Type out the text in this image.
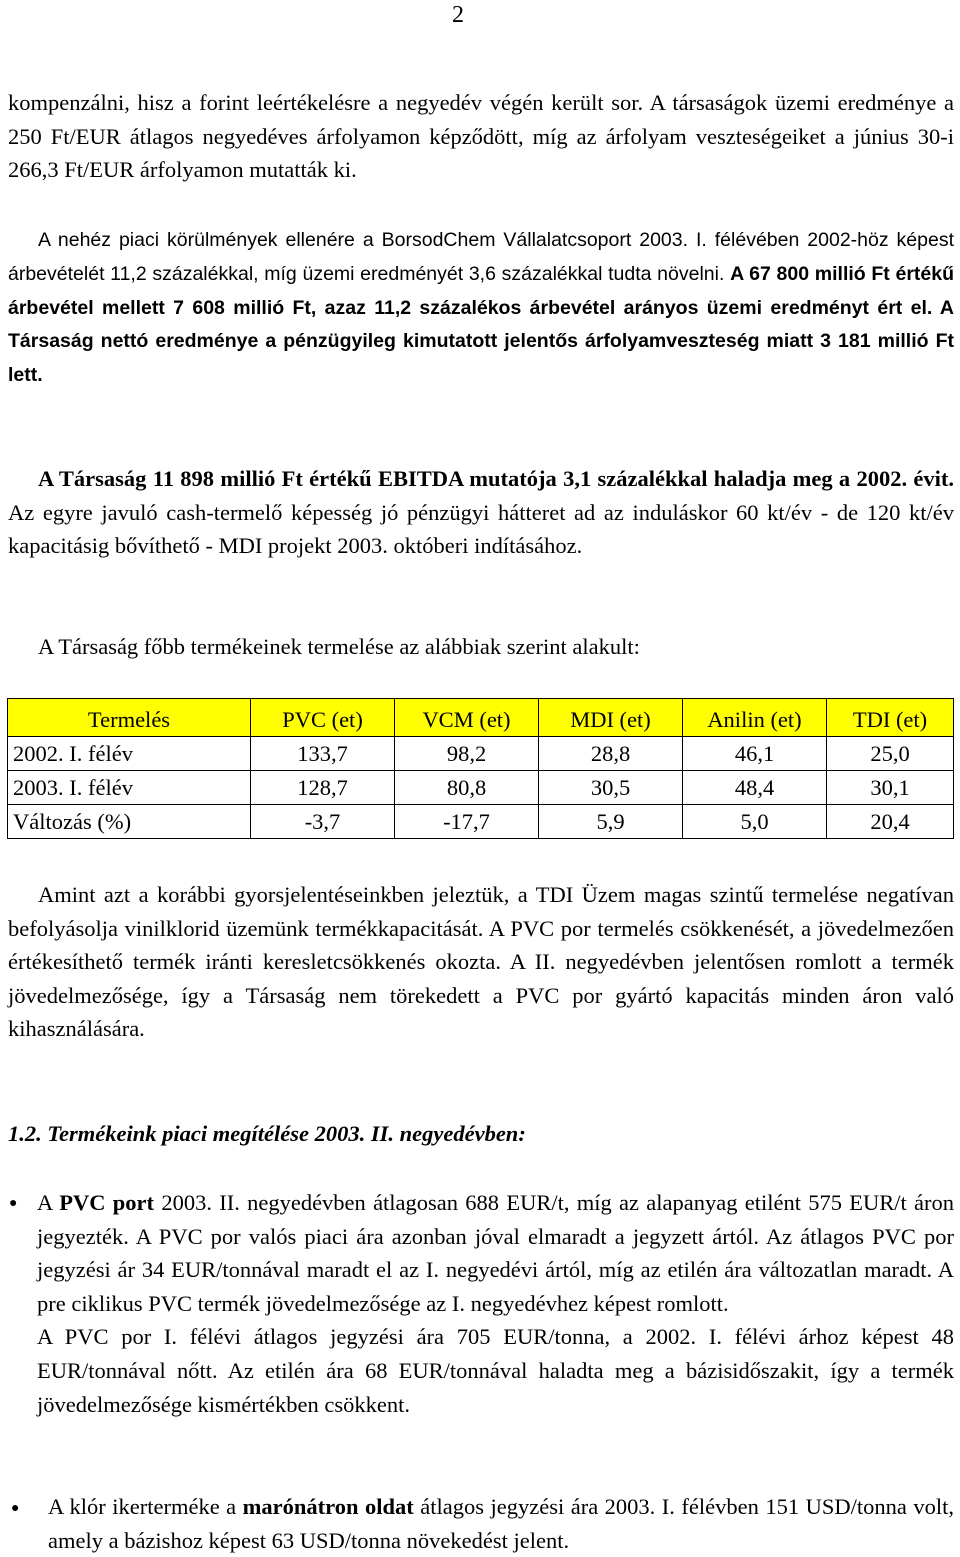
2
kompenzálni, hisz a forint leértékelésre a negyedév végén került sor. A társaságok üzemi eredménye a 250 Ft/EUR átlagos negyedéves árfolyamon képződött, míg az árfolyam veszteségeiket a június 30-i 266,3 Ft/EUR árfolyamon mutatták ki.
A nehéz piaci körülmények ellenére a BorsodChem Vállalatcsoport 2003. I. félévében 2002-höz képest árbevételét 11,2 százalékkal, míg üzemi eredményét 3,6 százalékkal tudta növelni. A 67 800 millió Ft értékű árbevétel mellett 7 608 millió Ft, azaz 11,2 százalékos árbevétel arányos üzemi eredményt ért el. A Társaság nettó eredménye a pénzügyileg kimutatott jelentős árfolyamveszteség miatt 3 181 millió Ft lett.
A Társaság 11 898 millió Ft értékű EBITDA mutatója 3,1 százalékkal haladja meg a 2002. évit. Az egyre javuló cash-termelő képesség jó pénzügyi hátteret ad az induláskor 60 kt/év - de 120 kt/év kapacitásig bővíthető - MDI projekt 2003. októberi indításához.
A Társaság főbb termékeinek termelése az alábbiak szerint alakult:
Termelés	PVC (et)	VCM (et)	MDI (et)	Anilin (et)	TDI (et)
2002. I. félév	133,7	98,2	28,8	46,1	25,0
2003. I. félév	128,7	80,8	30,5	48,4	30,1
Változás (%)	-3,7	-17,7	5,9	5,0	20,4
Amint azt a korábbi gyorsjelentéseinkben jeleztük, a TDI Üzem magas szintű termelése negatívan befolyásolja vinilklorid üzemünk termékkapacitását. A PVC por termelés csökkenését, a jövedelmezően értékesíthető termék iránti keresletcsökkenés okozta. A II. negyedévben jelentősen romlott a termék jövedelmezősége, így a Társaság nem törekedett a PVC por gyártó kapacitás minden áron való kihasználására.
1.2. Termékeink piaci megítélése 2003. II. negyedévben:
● A PVC port 2003. II. negyedévben átlagosan 688 EUR/t, míg az alapanyag etilént 575 EUR/t áron jegyezték. A PVC por valós piaci ára azonban jóval elmaradt a jegyzett ártól. Az átlagos PVC por jegyzési ár 34 EUR/tonnával maradt el az I. negyedévi ártól, míg az etilén ára változatlan maradt. A pre ciklikus PVC termék jövedelmezősége az I. negyedévhez képest romlott.
A PVC por I. félévi átlagos jegyzési ára 705 EUR/tonna, a 2002. I. félévi árhoz képest 48 EUR/tonnával nőtt. Az etilén ára 68 EUR/tonnával haladta meg a bázisidőszakit, így a termék jövedelmezősége kismértékben csökkent.
● A klór ikerterméke a marónátron oldat átlagos jegyzési ára 2003. I. félévben 151 USD/tonna volt, amely a bázishoz képest 63 USD/tonna növekedést jelent.
